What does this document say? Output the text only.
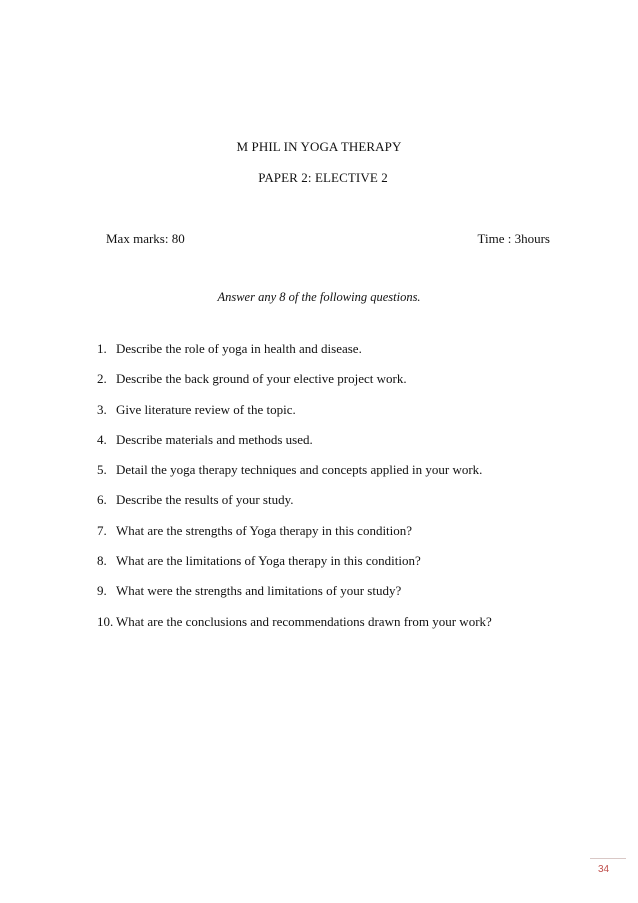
M PHIL IN YOGA THERAPY
PAPER 2: ELECTIVE 2
Max marks: 80	Time : 3hours
Answer any 8 of the following questions.
1. Describe the role of yoga in health and disease.
2. Describe the back ground of your elective project work.
3. Give literature review of the topic.
4. Describe materials and methods used.
5. Detail the yoga therapy techniques and concepts applied in your work.
6. Describe the results of your study.
7. What are the strengths of Yoga therapy in this condition?
8. What are the limitations of Yoga therapy in this condition?
9. What were the strengths and limitations of your study?
10. What are the conclusions and recommendations drawn from your work?
34
